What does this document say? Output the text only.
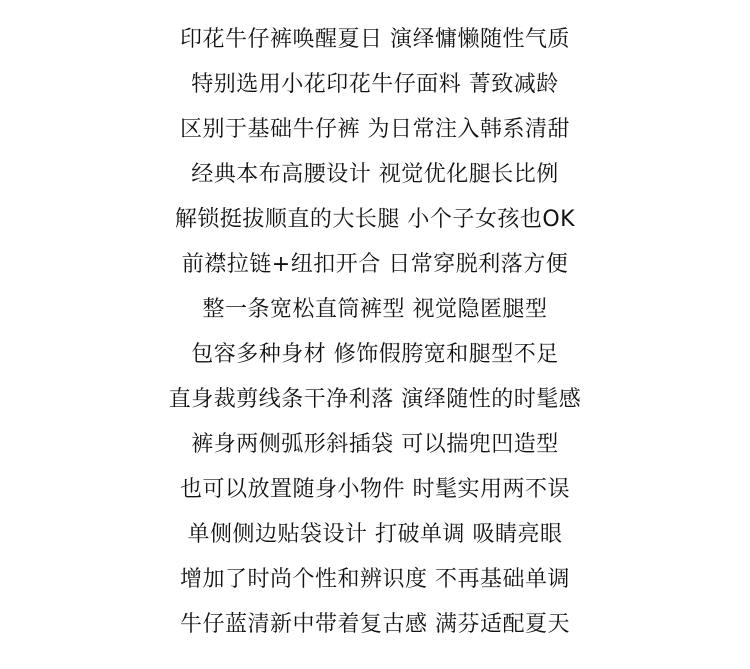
印花牛仔裤唤醒夏日 演绎慵懒随性气质
特别选用小花印花牛仔面料 菁致减龄
区别于基础牛仔裤 为日常注入韩系清甜
经典本布高腰设计 视觉优化腿长比例
解锁挺拔顺直的大长腿 小个子女孩也OK
前襟拉链+纽扣开合 日常穿脱利落方便
整一条宽松直筒裤型 视觉隐匿腿型
包容多种身材 修饰假胯宽和腿型不足
直身裁剪线条干净利落 演绎随性的时髦感
裤身两侧弧形斜插袋 可以揣兜凹造型
也可以放置随身小物件 时髦实用两不误
单侧侧边贴袋设计 打破单调 吸睛亮眼
增加了时尚个性和辨识度 不再基础单调
牛仔蓝清新中带着复古感 满芬适配夏天
